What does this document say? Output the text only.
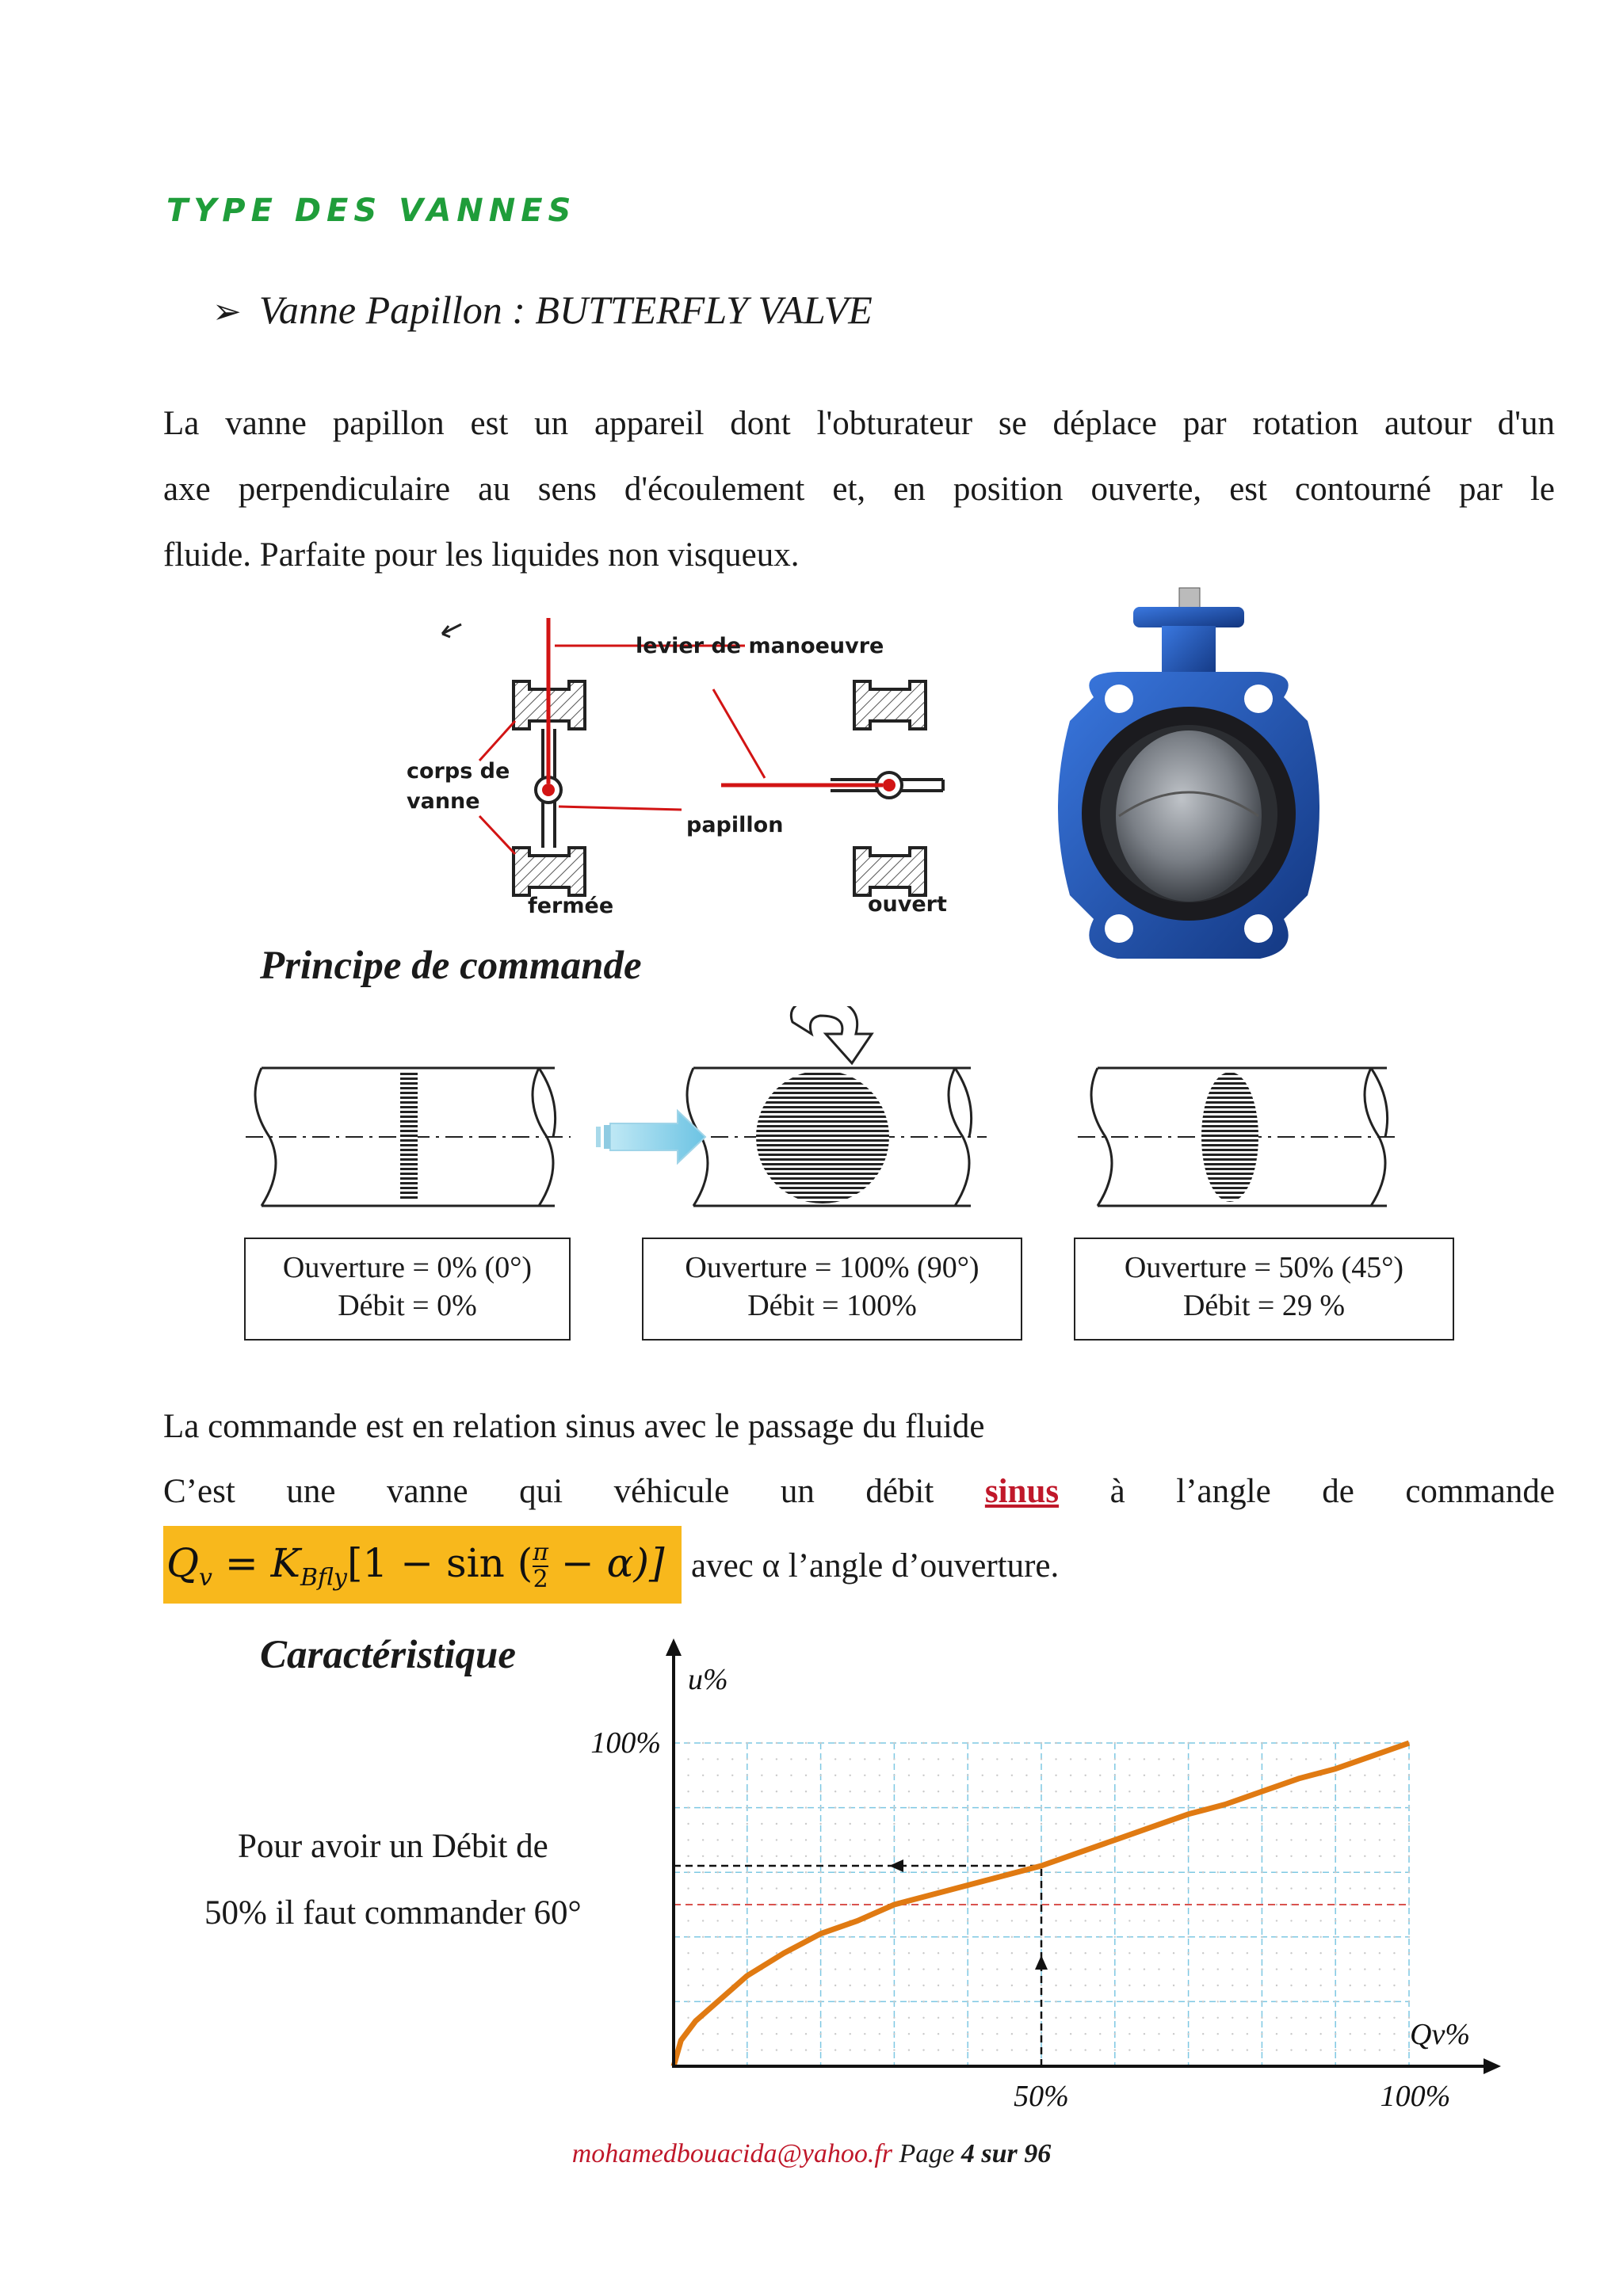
TYPE DES VANNES
➢ Vanne Papillon : BUTTERFLY VALVE
La vanne papillon est un appareil dont l'obturateur se déplace par rotation autour d'un
axe perpendiculaire au sens d'écoulement et, en position ouverte, est contourné par le
fluide. Parfaite pour les liquides non visqueux.
levier de manoeuvre
corps de
vanne
papillon
fermée	ouvert
Principe de commande
Ouverture = 0% (0°)
Débit = 0%
Ouverture = 100% (90°)
Débit = 100%
Ouverture = 50% (45°)
Débit = 29 %
La commande est en relation sinus avec le passage du fluide
C’est une vanne qui véhicule un débit sinus à l’angle de commande
$Q_v = K_{Bfly}[1 - \sin$ ( $\frac{\pi}{2} - \alpha$)] avec α l’angle d’ouverture.
Caractéristique
Pour avoir un Débit de
50% il faut commander 60°
u%
Qv%
50%	100%
100%
mohamedbouacida@yahoo.fr Page 4 sur 96
